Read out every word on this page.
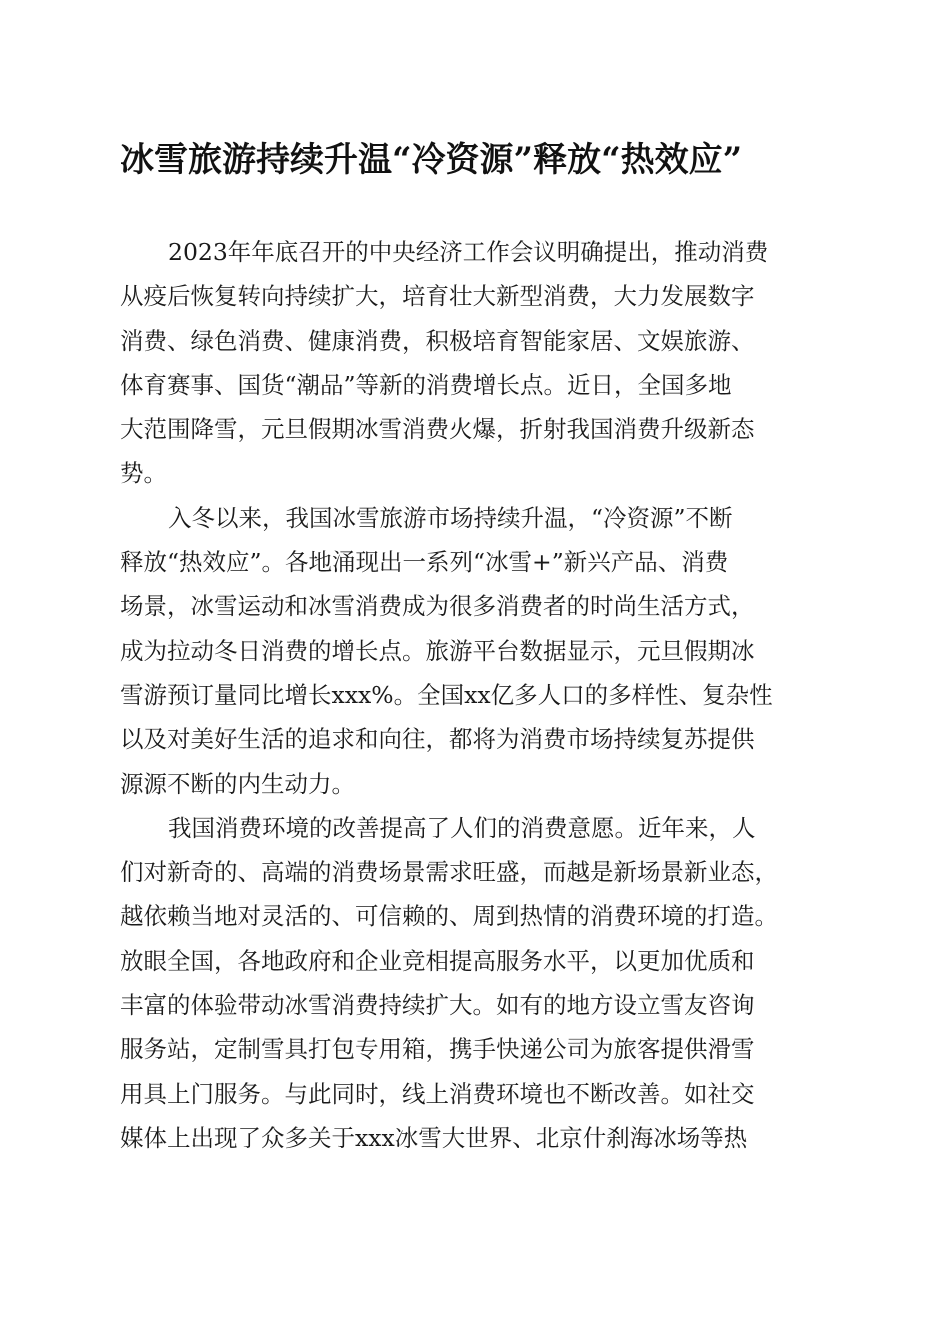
冰雪旅游持续升温“冷资源”释放“热效应”
2023年年底召开的中央经济工作会议明确提出，推动消费
从疫后恢复转向持续扩大，培育壮大新型消费，大力发展数字
消费、绿色消费、健康消费，积极培育智能家居、文娱旅游、
体育赛事、国货“潮品”等新的消费增长点。近日，全国多地
大范围降雪，元旦假期冰雪消费火爆，折射我国消费升级新态
势。
入冬以来，我国冰雪旅游市场持续升温，“冷资源”不断
释放“热效应”。各地涌现出一系列“冰雪+”新兴产品、消费
场景，冰雪运动和冰雪消费成为很多消费者的时尚生活方式，
成为拉动冬日消费的增长点。旅游平台数据显示，元旦假期冰
雪游预订量同比增长xxx%。全国xx亿多人口的多样性、复杂性
以及对美好生活的追求和向往，都将为消费市场持续复苏提供
源源不断的内生动力。
我国消费环境的改善提高了人们的消费意愿。近年来，人
们对新奇的、高端的消费场景需求旺盛，而越是新场景新业态，
越依赖当地对灵活的、可信赖的、周到热情的消费环境的打造。
放眼全国，各地政府和企业竞相提高服务水平，以更加优质和
丰富的体验带动冰雪消费持续扩大。如有的地方设立雪友咨询
服务站，定制雪具打包专用箱，携手快递公司为旅客提供滑雪
用具上门服务。与此同时，线上消费环境也不断改善。如社交
媒体上出现了众多关于xxx冰雪大世界、北京什刹海冰场等热
